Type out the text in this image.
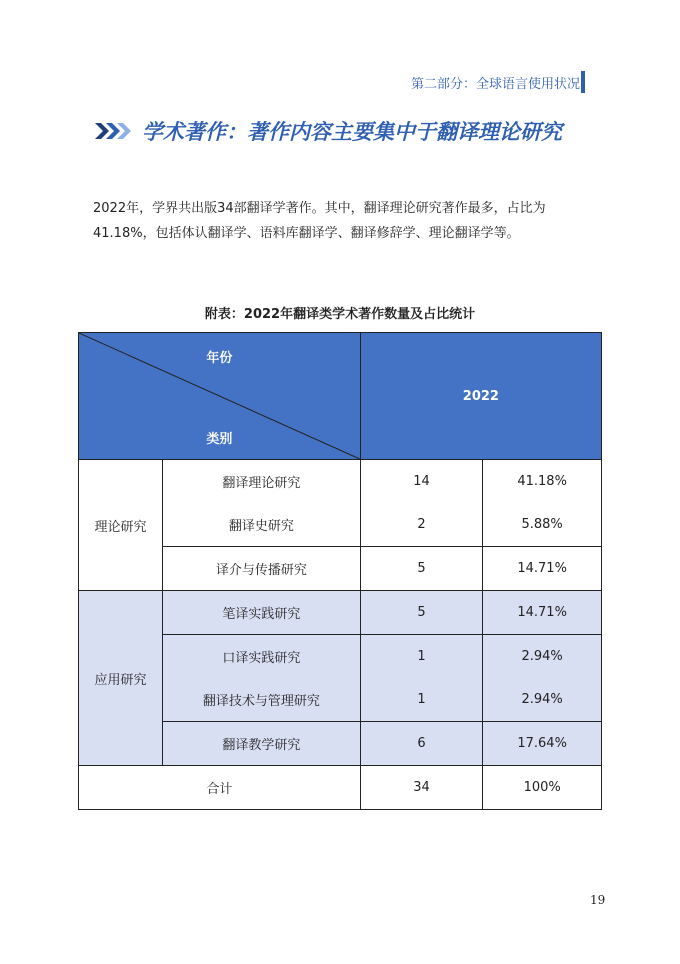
第二部分：全球语言使用状况
学术著作：著作内容主要集中于翻译理论研究
2022年，学界共出版34部翻译学著作。其中，翻译理论研究著作最多，占比为41.18%，包括体认翻译学、语料库翻译学、翻译修辞学、理论翻译学等。
附表：2022年翻译类学术著作数量及占比统计
年份
类别		2022	
理论研究	翻译理论研究	14	41.18%
	翻译史研究	2	5.88%
	译介与传播研究	5	14.71%
应用研究	笔译实践研究	5	14.71%
	口译实践研究	1	2.94%
	翻译技术与管理研究	1	2.94%
	翻译教学研究	6	17.64%
合计		34	100%
19
